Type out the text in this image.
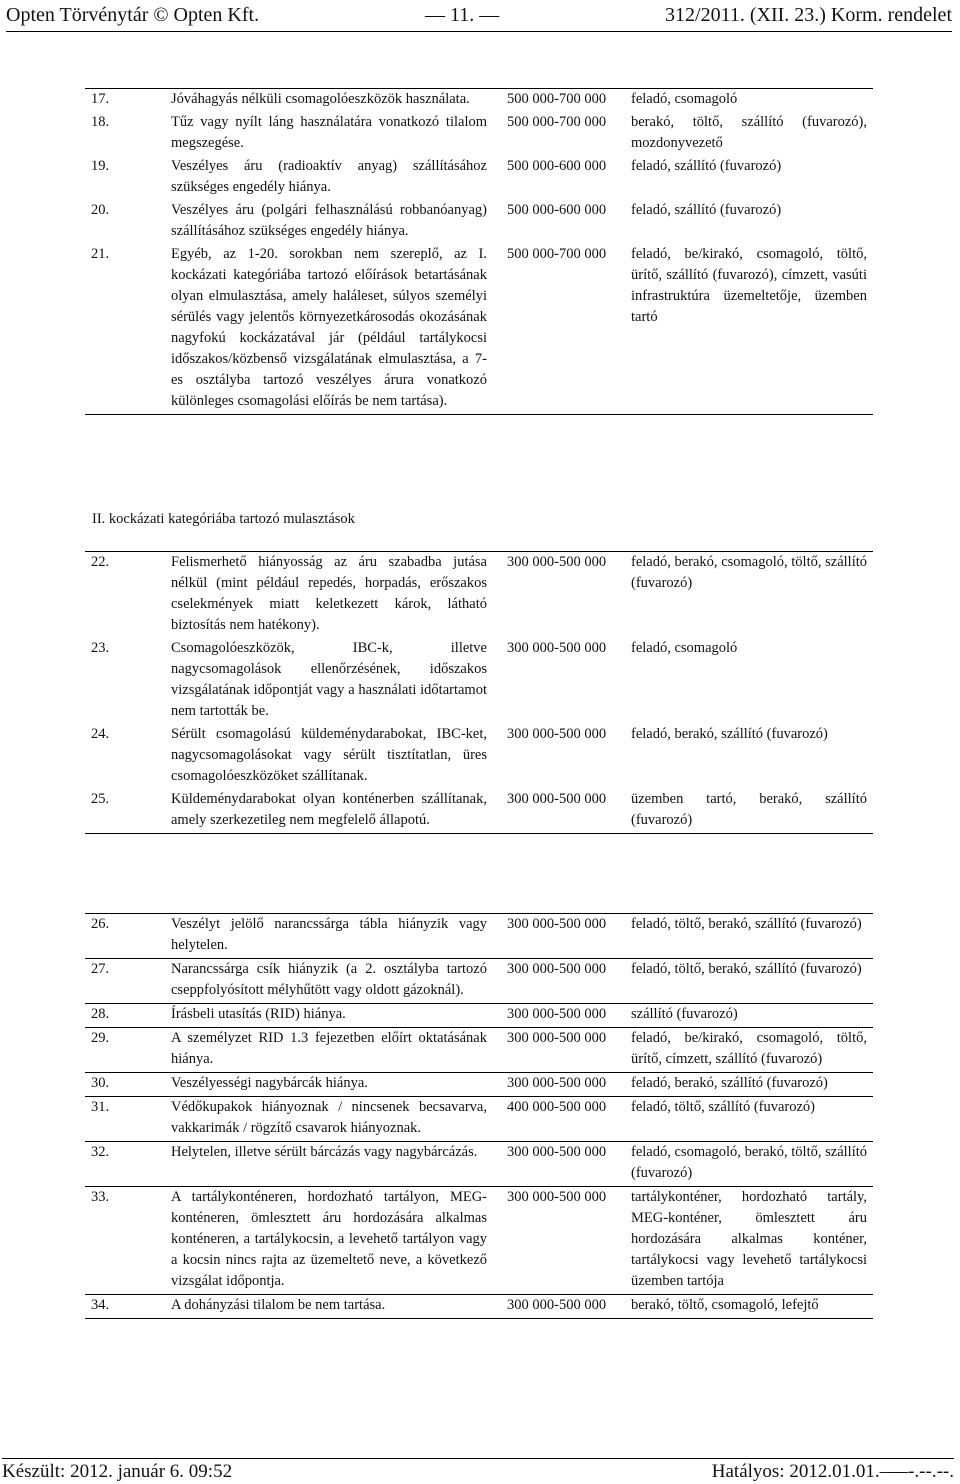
Opten Törvénytár © Opten Kft.	— 11. —	312/2011. (XII. 23.) Korm. rendelet
17.	Jóváhagyás nélküli csomagolóeszközök használata.	500 000-700 000	feladó, csomagoló
18.	Tűz vagy nyílt láng használatára vonatkozó tilalom megszegése.	500 000-700 000	berakó, töltő, szállító (fuvarozó), mozdonyvezető
19.	Veszélyes áru (radioaktív anyag) szállításához szükséges engedély hiánya.	500 000-600 000	feladó, szállító (fuvarozó)
20.	Veszélyes áru (polgári felhasználású robbanóanyag) szállításához szükséges engedély hiánya.	500 000-600 000	feladó, szállító (fuvarozó)
21.	Egyéb, az 1-20. sorokban nem szereplő, az I. kockázati kategóriába tartozó előírások betartásának olyan elmulasztása, amely haláleset, súlyos személyi sérülés vagy jelentős környezetkárosodás okozásának nagyfokú kockázatával jár (például tartálykocsi időszakos/közbenső vizsgálatának elmulasztása, a 7-es osztályba tartozó veszélyes árura vonatkozó különleges csomagolási előírás be nem tartása).	500 000-700 000	feladó, be/kirakó, csomagoló, töltő, ürítő, szállító (fuvarozó), címzett, vasúti infrastruktúra üzemeltetője, üzemben tartó
II. kockázati kategóriába tartozó mulasztások
22.	Felismerhető hiányosság az áru szabadba jutása nélkül (mint például repedés, horpadás, erőszakos cselekmények miatt keletkezett károk, látható biztosítás nem hatékony).	300 000-500 000	feladó, berakó, csomagoló, töltő, szállító (fuvarozó)
23.	Csomagolóeszközök, IBC-k, illetve nagycsomagolások ellenőrzésének, időszakos vizsgálatának időpontját vagy a használati időtartamot nem tartották be.	300 000-500 000	feladó, csomagoló
24.	Sérült csomagolású küldeménydarabokat, IBC-ket, nagycsomagolásokat vagy sérült tisztítatlan, üres csomagolóeszközöket szállítanak.	300 000-500 000	feladó, berakó, szállító (fuvarozó)
25.	Küldeménydarabokat olyan konténerben szállítanak, amely szerkezetileg nem megfelelő állapotú.	300 000-500 000	üzemben tartó, berakó, szállító (fuvarozó)
26.	Veszélyt jelölő narancssárga tábla hiányzik vagy helytelen.	300 000-500 000	feladó, töltő, berakó, szállító (fuvarozó)
27.	Narancssárga csík hiányzik (a 2. osztályba tartozó cseppfolyósított mélyhűtött vagy oldott gázoknál).	300 000-500 000	feladó, töltő, berakó, szállító (fuvarozó)
28.	Írásbeli utasítás (RID) hiánya.	300 000-500 000	szállító (fuvarozó)
29.	A személyzet RID 1.3 fejezetben előírt oktatásának hiánya.	300 000-500 000	feladó, be/kirakó, csomagoló, töltő, ürítő, címzett, szállító (fuvarozó)
30.	Veszélyességi nagybárcák hiánya.	300 000-500 000	feladó, berakó, szállító (fuvarozó)
31.	Védőkupakok hiányoznak / nincsenek becsavarva, vakkarimák / rögzítő csavarok hiányoznak.	400 000-500 000	feladó, töltő, szállító (fuvarozó)
32.	Helytelen, illetve sérült bárcázás vagy nagybárcázás.	300 000-500 000	feladó, csomagoló, berakó, töltő, szállító (fuvarozó)
33.	A tartálykonténeren, hordozható tartályon, MEG-konténeren, ömlesztett áru hordozására alkalmas konténeren, a tartálykocsin, a levehető tartályon vagy a kocsin nincs rajta az üzemeltető neve, a következő vizsgálat időpontja.	300 000-500 000	tartálykonténer, hordozható tartály, MEG-konténer, ömlesztett áru hordozására alkalmas konténer, tartálykocsi vagy levehető tartálykocsi üzemben tartója
34.	A dohányzási tilalom be nem tartása.	300 000-500 000	berakó, töltő, csomagoló, lefejtő
Készült: 2012. január 6. 09:52	Hatályos: 2012.01.01.–—-.--.--.
